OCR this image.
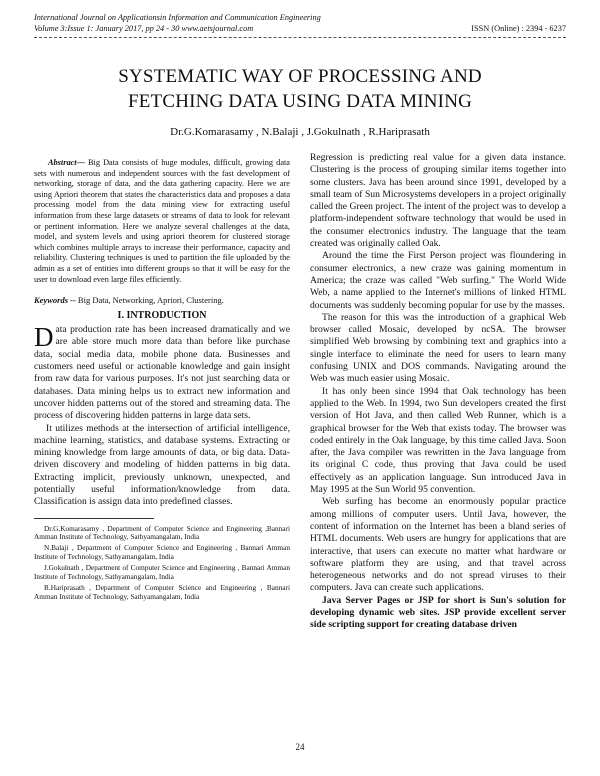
International Journal on Applicationsin Information and Communication Engineering
Volume 3:Issue 1: January 2017, pp 24 - 30 www.aetsjournal.com	ISSN (Online) : 2394 - 6237
SYSTEMATIC WAY OF PROCESSING AND
FETCHING DATA USING DATA MINING
Dr.G.Komarasamy , N.Balaji , J.Gokulnath , R.Hariprasath

Abstract— Big Data consists of huge modules, difficult, growing data sets with numerous and independent sources with the fast development of networking, storage of data, and the data gathering capacity. Here we are using Apriori theorem that states the characteristics data and proposes a data processing model from the data mining view for extracting useful information from these large datasets or streams of data to look for relevant or pertinent information. Here we analyze several challenges at the data, model, and system levels and using apriori theorem for clustered storage which combines multiple arrays to increase their performance, capacity and reliability. Clustering techniques is used to partition the file uploaded by the admin as a set of entities into different groups so that it will be easy for the user to download even large files efficiently.

Keywords -- Big Data, Networking, Apriori, Clustering.

I. INTRODUCTION

Data production rate has been increased dramatically and we are able store much more data than before like purchase data, social media data, mobile phone data. Businesses and customers need useful or actionable knowledge and gain insight from raw data for various purposes. It's not just searching data or databases. Data mining helps us to extract new information and uncover hidden patterns out of the stored and streaming data. The process of discovering hidden patterns in large data sets.

It utilizes methods at the intersection of artificial intelligence, machine learning, statistics, and database systems. Extracting or mining knowledge from large amounts of data, or big data. Data-driven discovery and modeling of hidden patterns in big data. Extracting implicit, previously unknown, unexpected, and potentially useful information/knowledge from data. Classification is assign data into predefined classes.

Dr.G.Komarasamy , Department of Computer Science and Engineering ,Bannari Amman Institute of Technology, Sathyamangalam, India

N.Balaji , Department of Computer Science and Engineering , Bannari Amman Institute of Technology, Sathyamangalam, India

J.Gokulnath , Department of Computer Science and Engineering , Bannari Amman Institute of Technology, Sathyamangalam, India

R.Hariprasath , Department of Computer Science and Engineering , Bannari Amman Institute of Technology, Sathyamangalam, India

Regression is predicting real value for a given data instance. Clustering is the process of grouping similar items together into some clusters. Java has been around since 1991, developed by a small team of Sun Microsystems developers in a project originally called the Green project. The intent of the project was to develop a platform-independent software technology that would be used in the consumer electronics industry. The language that the team created was originally called Oak.

Around the time the First Person project was floundering in consumer electronics, a new craze was gaining momentum in America; the craze was called "Web surfing." The World Wide Web, a name applied to the Internet's millions of linked HTML documents was suddenly becoming popular for use by the masses.

The reason for this was the introduction of a graphical Web browser called Mosaic, developed by ncSA. The browser simplified Web browsing by combining text and graphics into a single interface to eliminate the need for users to learn many confusing UNIX and DOS commands. Navigating around the Web was much easier using Mosaic.

It has only been since 1994 that Oak technology has been applied to the Web. In 1994, two Sun developers created the first version of Hot Java, and then called Web Runner, which is a graphical browser for the Web that exists today. The browser was coded entirely in the Oak language, by this time called Java. Soon after, the Java compiler was rewritten in the Java language from its original C code, thus proving that Java could be used effectively as an application language. Sun introduced Java in May 1995 at the Sun World 95 convention.

Web surfing has become an enormously popular practice among millions of computer users. Until Java, however, the content of information on the Internet has been a bland series of HTML documents. Web users are hungry for applications that are interactive, that users can execute no matter what hardware or software platform they are using, and that travel across heterogeneous networks and do not spread viruses to their computers. Java can create such applications.

Java Server Pages or JSP for short is Sun's solution for developing dynamic web sites. JSP provide excellent server side scripting support for creating database driven

24
